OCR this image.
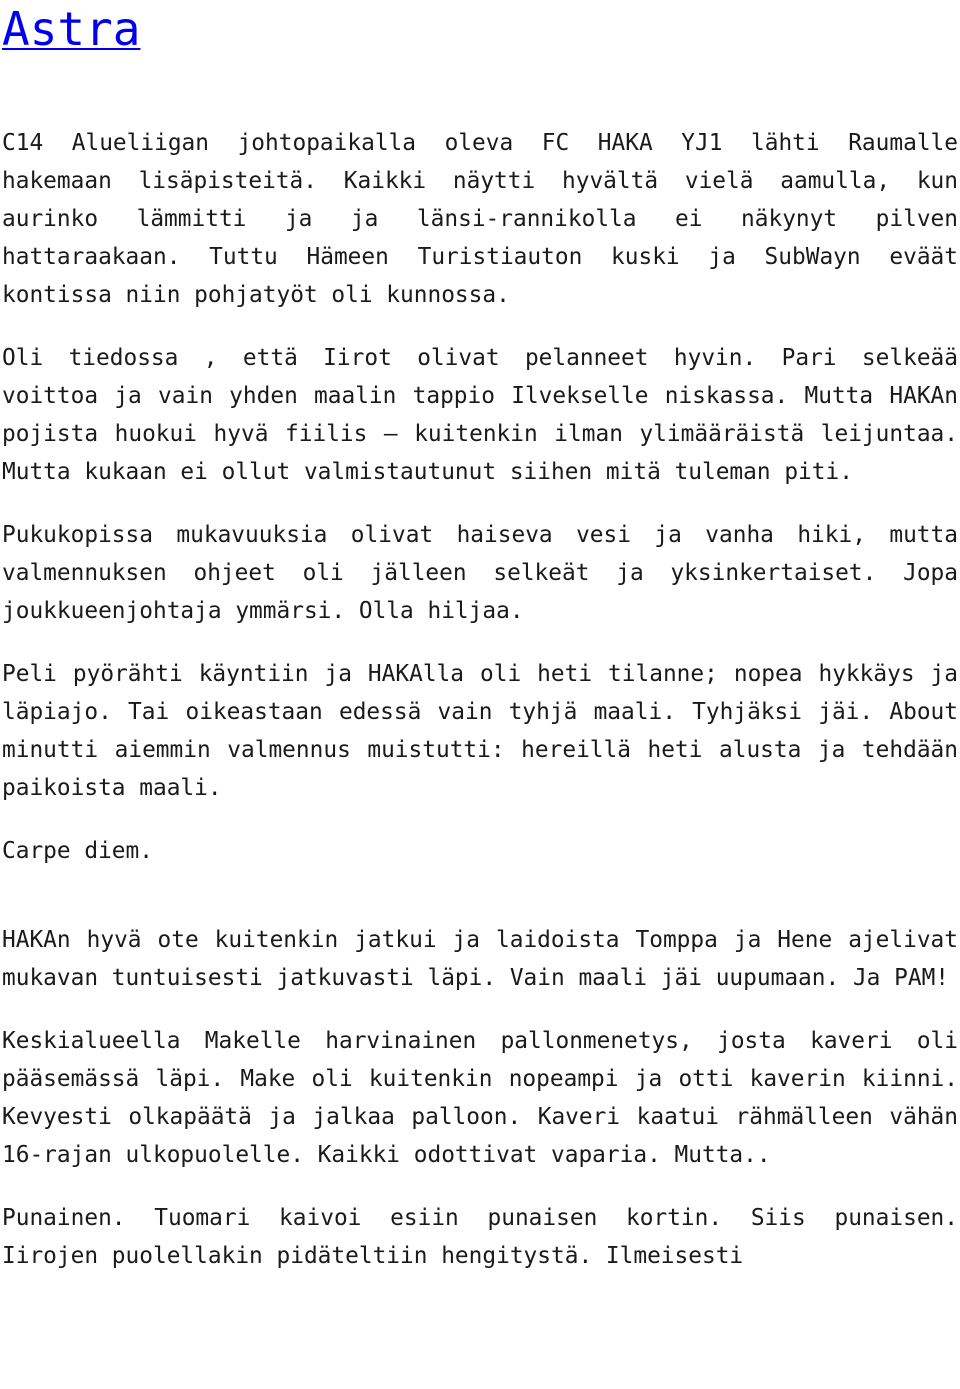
Astra

C14 Alueliigan johtopaikalla oleva FC HAKA YJ1 lähti Raumalle hakemaan lisäpisteitä. Kaikki näytti hyvältä vielä aamulla, kun aurinko lämmitti ja ja länsi-rannikolla ei näkynyt pilven hattaraakaan. Tuttu Hämeen Turistiauton kuski ja SubWayn eväät kontissa niin pohjatyöt oli kunnossa.

Oli tiedossa , että Iirot olivat pelanneet hyvin. Pari selkeää voittoa ja vain yhden maalin tappio Ilvekselle niskassa. Mutta HAKAn pojista huokui hyvä fiilis – kuitenkin ilman ylimääräistä leijuntaa. Mutta kukaan ei ollut valmistautunut siihen mitä tuleman piti.

Pukukopissa mukavuuksia olivat haiseva vesi ja vanha hiki, mutta valmennuksen ohjeet oli jälleen selkeät ja yksinkertaiset. Jopa joukkueenjohtaja ymmärsi. Olla hiljaa.

Peli pyörähti käyntiin ja HAKAlla oli heti tilanne; nopea hykkäys ja läpiajo. Tai oikeastaan edessä vain tyhjä maali. Tyhjäksi jäi. About minutti aiemmin valmennus muistutti: hereillä heti alusta ja tehdään paikoista maali.

Carpe diem.

HAKAn hyvä ote kuitenkin jatkui ja laidoista Tomppa ja Hene ajelivat mukavan tuntuisesti jatkuvasti läpi. Vain maali jäi uupumaan. Ja PAM!

Keskialueella Makelle harvinainen pallonmenetys, josta kaveri oli pääsemässä läpi. Make oli kuitenkin nopeampi ja otti kaverin kiinni. Kevyesti olkapäätä ja jalkaa palloon. Kaveri kaatui rähmälleen vähän 16-rajan ulkopuolelle. Kaikki odottivat vaparia. Mutta..

Punainen. Tuomari kaivoi esiin punaisen kortin. Siis punaisen. Iirojen puolellakin pidäteltiin hengitystä. Ilmeisesti
